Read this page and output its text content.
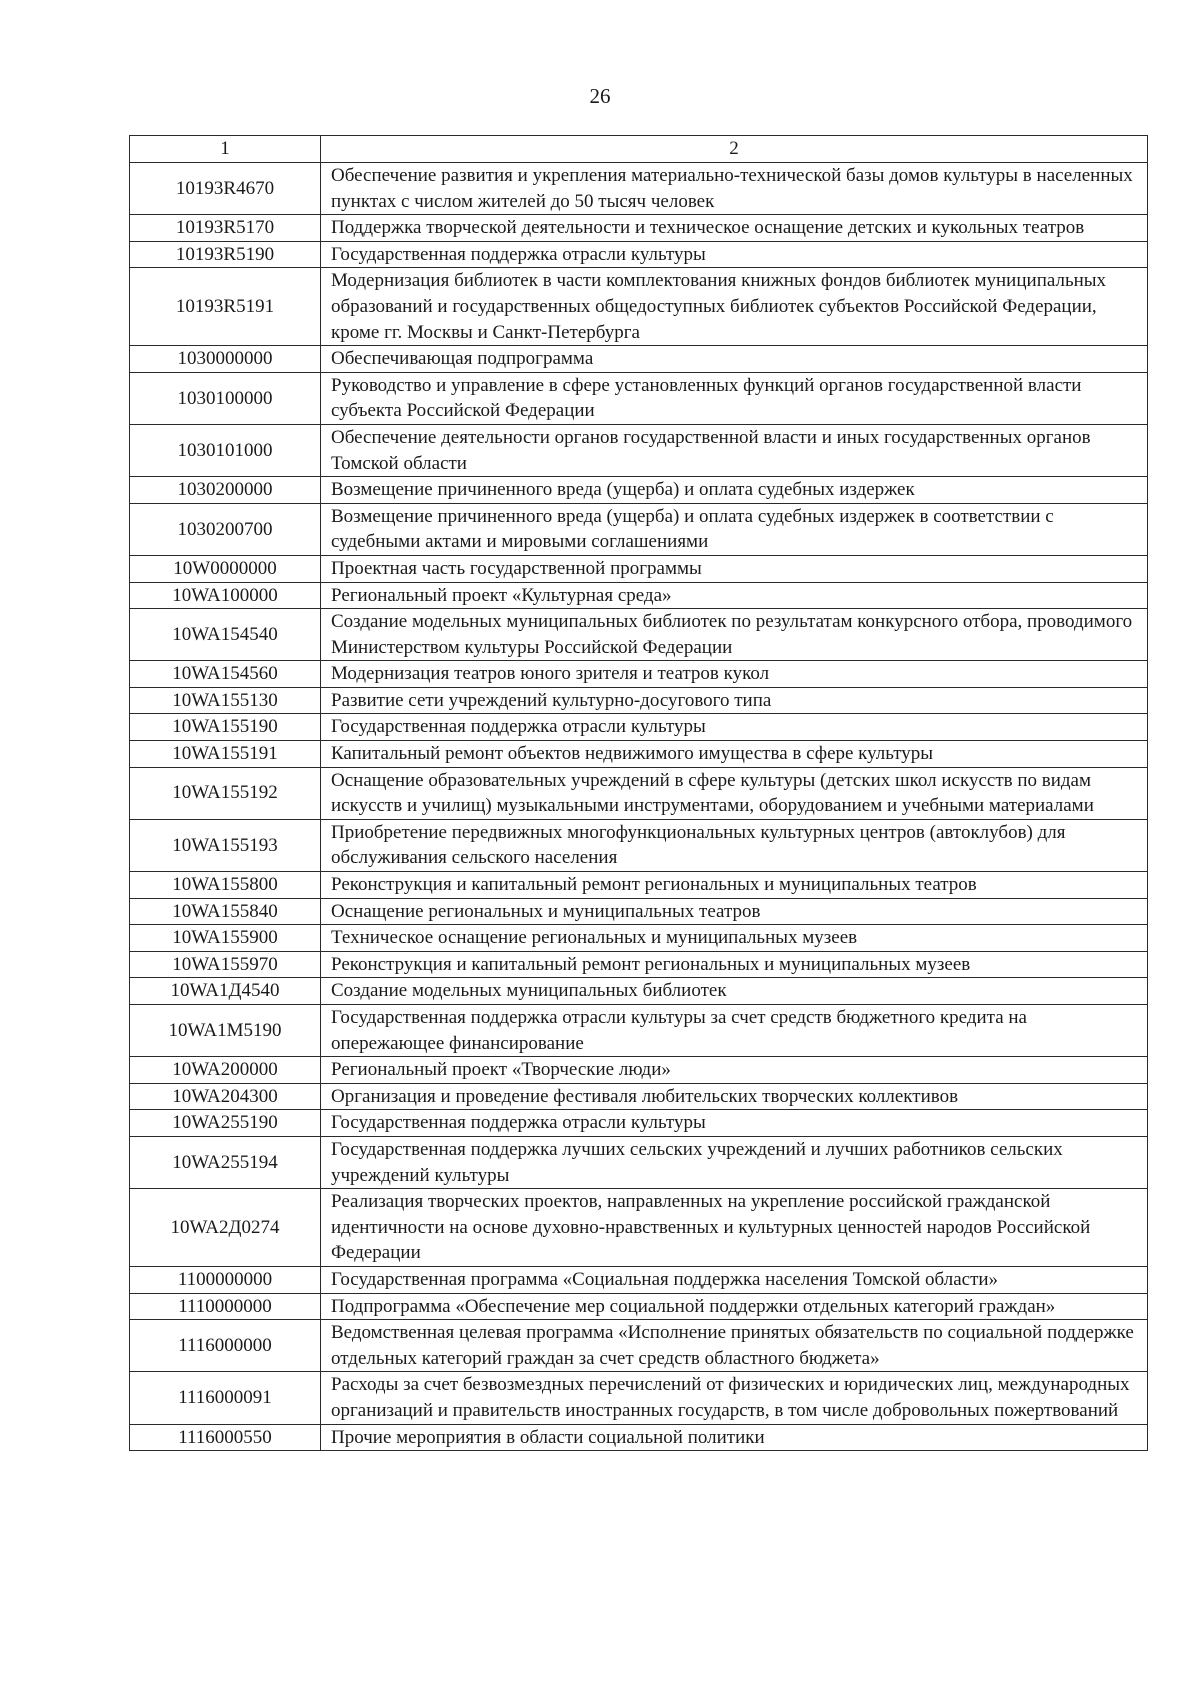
26
1	2
10193R4670	Обеспечение развития и укрепления материально-технической базы домов культуры в населенных пунктах с числом жителей до 50 тысяч человек
10193R5170	Поддержка творческой деятельности и техническое оснащение детских и кукольных театров
10193R5190	Государственная поддержка отрасли культуры
10193R5191	Модернизация библиотек в части комплектования книжных фондов библиотек муниципальных образований и государственных общедоступных библиотек субъектов Российской Федерации, кроме гг. Москвы и Санкт-Петербурга
1030000000	Обеспечивающая подпрограмма
1030100000	Руководство и управление в сфере установленных функций органов государственной власти субъекта Российской Федерации
1030101000	Обеспечение деятельности органов государственной власти и иных государственных органов Томской области
1030200000	Возмещение причиненного вреда (ущерба) и оплата судебных издержек
1030200700	Возмещение причиненного вреда (ущерба) и оплата судебных издержек в соответствии с судебными актами и мировыми соглашениями
10W0000000	Проектная часть государственной программы
10WA100000	Региональный проект «Культурная среда»
10WA154540	Создание модельных муниципальных библиотек по результатам конкурсного отбора, проводимого Министерством культуры Российской Федерации
10WA154560	Модернизация театров юного зрителя и театров кукол
10WA155130	Развитие сети учреждений культурно-досугового типа
10WA155190	Государственная поддержка отрасли культуры
10WA155191	Капитальный ремонт объектов недвижимого имущества в сфере культуры
10WA155192	Оснащение образовательных учреждений в сфере культуры (детских школ искусств по видам искусств и училищ) музыкальными инструментами, оборудованием и учебными материалами
10WA155193	Приобретение передвижных многофункциональных культурных центров (автоклубов) для обслуживания сельского населения
10WA155800	Реконструкция и капитальный ремонт региональных и муниципальных театров
10WA155840	Оснащение региональных и муниципальных театров
10WA155900	Техническое оснащение региональных и муниципальных музеев
10WA155970	Реконструкция и капитальный ремонт региональных и муниципальных музеев
10WA1Д4540	Создание модельных муниципальных библиотек
10WA1M5190	Государственная поддержка отрасли культуры за счет средств бюджетного кредита на опережающее финансирование
10WA200000	Региональный проект «Творческие люди»
10WA204300	Организация и проведение фестиваля любительских творческих коллективов
10WA255190	Государственная поддержка отрасли культуры
10WA255194	Государственная поддержка лучших сельских учреждений и лучших работников сельских учреждений культуры
10WA2Д0274	Реализация творческих проектов, направленных на укрепление российской гражданской идентичности на основе духовно-нравственных и культурных ценностей народов Российской Федерации
1100000000	Государственная программа «Социальная поддержка населения Томской области»
1110000000	Подпрограмма «Обеспечение мер социальной поддержки отдельных категорий граждан»
1116000000	Ведомственная целевая программа «Исполнение принятых обязательств по социальной поддержке отдельных категорий граждан за счет средств областного бюджета»
1116000091	Расходы за счет безвозмездных перечислений от физических и юридических лиц, международных организаций и правительств иностранных государств, в том числе добровольных пожертвований
1116000550	Прочие мероприятия в области социальной политики
